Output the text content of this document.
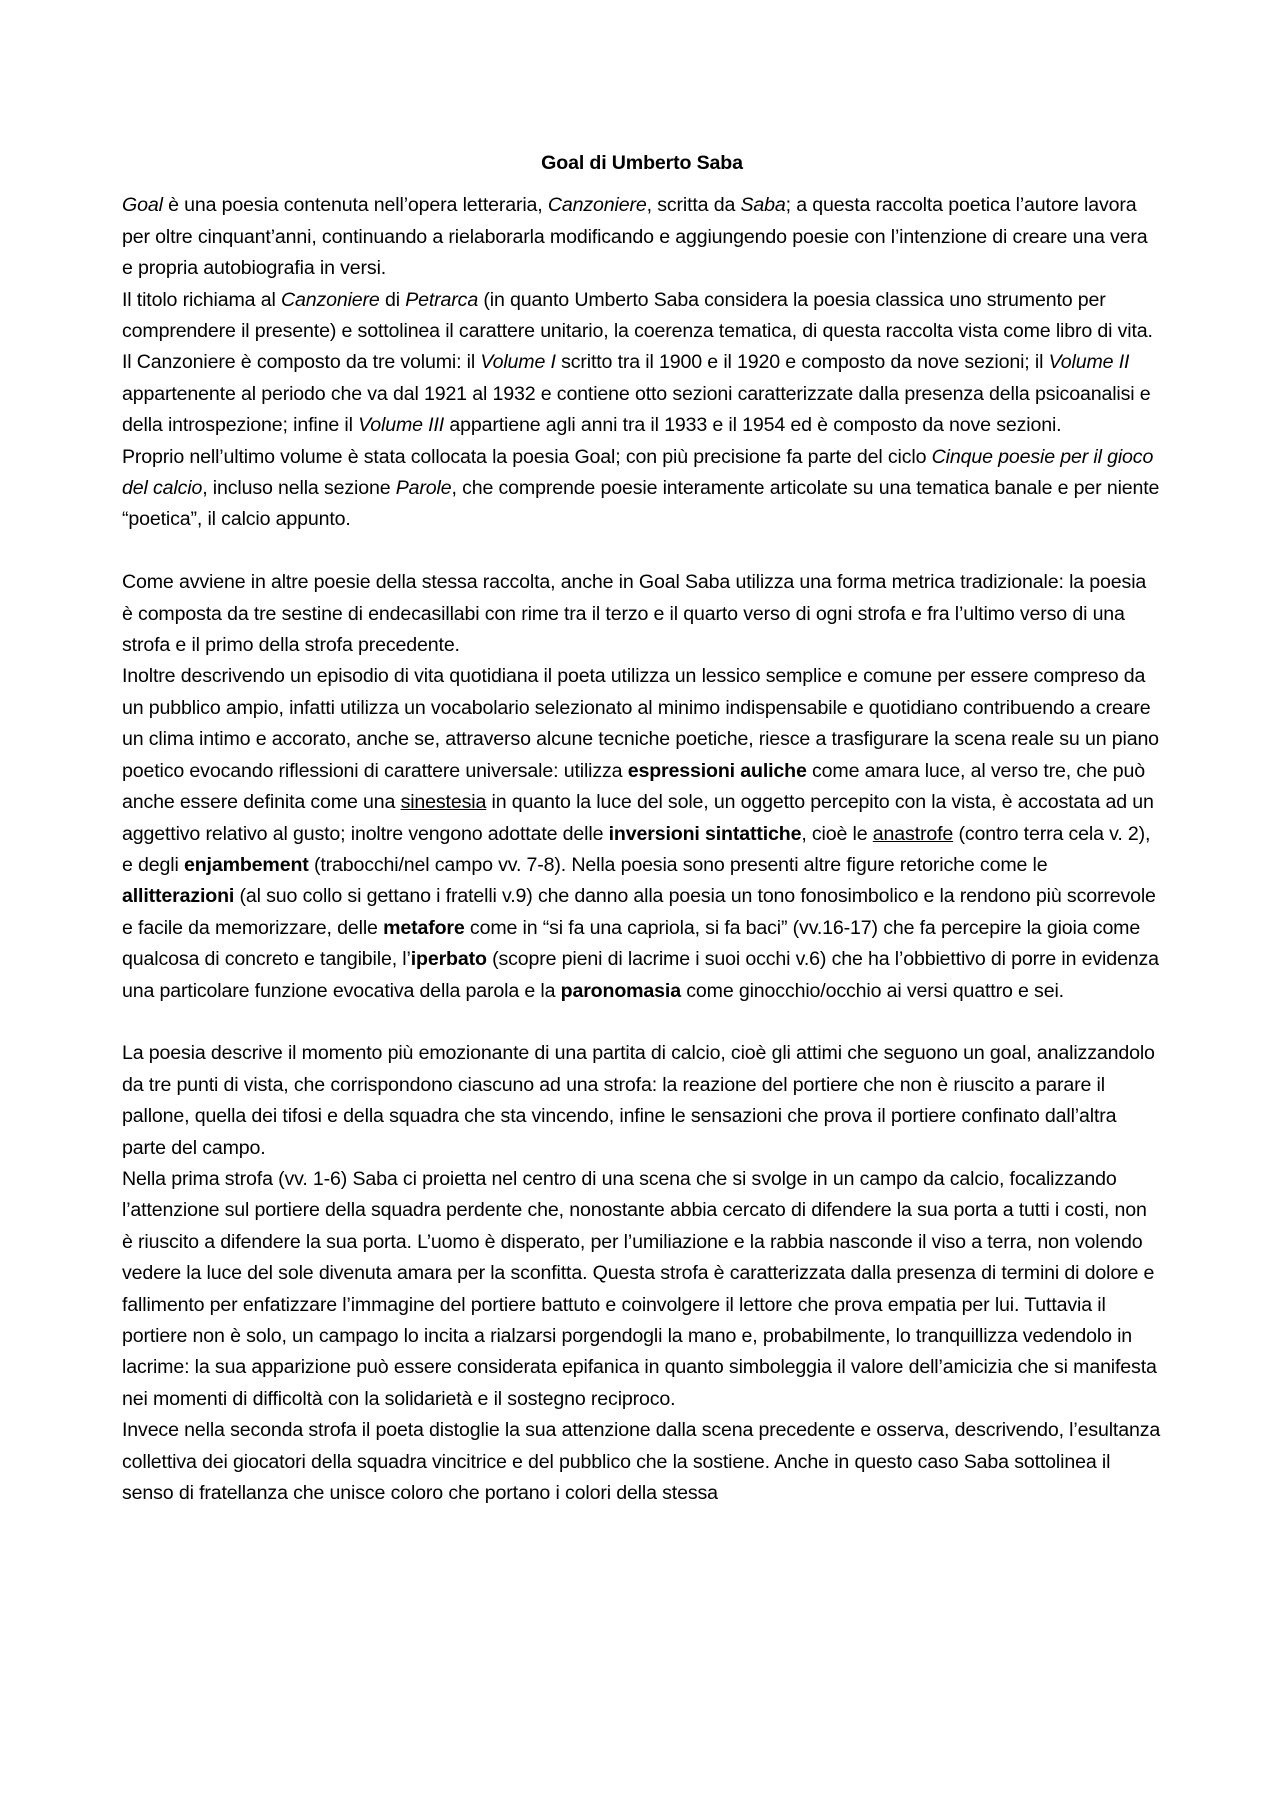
Goal di Umberto Saba

Goal è una poesia contenuta nell’opera letteraria, Canzoniere, scritta da Saba; a questa raccolta poetica l’autore lavora per oltre cinquant’anni, continuando a rielaborarla modificando e aggiungendo poesie con l’intenzione di creare una vera e propria autobiografia in versi.

Il titolo richiama al Canzoniere di Petrarca (in quanto Umberto Saba considera la poesia classica uno strumento per comprendere il presente) e sottolinea il carattere unitario, la coerenza tematica, di questa raccolta vista come libro di vita.

Il Canzoniere è composto da tre volumi: il Volume I scritto tra il 1900 e il 1920 e composto da nove sezioni; il Volume II appartenente al periodo che va dal 1921 al 1932 e contiene otto sezioni caratterizzate dalla presenza della psicoanalisi e della introspezione; infine il Volume III appartiene agli anni tra il 1933 e il 1954 ed è composto da nove sezioni.

Proprio nell’ultimo volume è stata collocata la poesia Goal; con più precisione fa parte del ciclo Cinque poesie per il gioco del calcio, incluso nella sezione Parole, che comprende poesie interamente articolate su una tematica banale e per niente “poetica”, il calcio appunto.

Come avviene in altre poesie della stessa raccolta, anche in Goal Saba utilizza una forma metrica tradizionale: la poesia è composta da tre sestine di endecasillabi con rime tra il terzo e il quarto verso di ogni strofa e fra l’ultimo verso di una strofa e il primo della strofa precedente.

Inoltre descrivendo un episodio di vita quotidiana il poeta utilizza un lessico semplice e comune per essere compreso da un pubblico ampio, infatti utilizza un vocabolario selezionato al minimo indispensabile e quotidiano contribuendo a creare un clima intimo e accorato, anche se, attraverso alcune tecniche poetiche, riesce a trasfigurare la scena reale su un piano poetico evocando riflessioni di carattere universale: utilizza espressioni auliche come amara luce, al verso tre, che può anche essere definita come una sinestesia in quanto la luce del sole, un oggetto percepito con la vista, è accostata ad un aggettivo relativo al gusto; inoltre vengono adottate delle inversioni sintattiche, cioè le anastrofe (contro terra cela v. 2), e degli enjambement (trabocchi/nel campo vv. 7-8). Nella poesia sono presenti altre figure retoriche come le allitterazioni (al suo collo si gettano i fratelli v.9) che danno alla poesia un tono fonosimbolico e la rendono più scorrevole e facile da memorizzare, delle metafore come in “si fa una capriola, si fa baci” (vv.16-17) che fa percepire la gioia come qualcosa di concreto e tangibile, l’iperbato (scopre pieni di lacrime i suoi occhi v.6) che ha l’obbiettivo di porre in evidenza una particolare funzione evocativa della parola e la paronomasia come ginocchio/occhio ai versi quattro e sei.

La poesia descrive il momento più emozionante di una partita di calcio, cioè gli attimi che seguono un goal, analizzandolo da tre punti di vista, che corrispondono ciascuno ad una strofa: la reazione del portiere che non è riuscito a parare il pallone, quella dei tifosi e della squadra che sta vincendo, infine le sensazioni che prova il portiere confinato dall’altra parte del campo.

Nella prima strofa (vv. 1-6) Saba ci proietta nel centro di una scena che si svolge in un campo da calcio, focalizzando l’attenzione sul portiere della squadra perdente che, nonostante abbia cercato di difendere la sua porta a tutti i costi, non è riuscito a difendere la sua porta. L’uomo è disperato, per l’umiliazione e la rabbia nasconde il viso a terra, non volendo vedere la luce del sole divenuta amara per la sconfitta. Questa strofa è caratterizzata dalla presenza di termini di dolore e fallimento per enfatizzare l’immagine del portiere battuto e coinvolgere il lettore che prova empatia per lui. Tuttavia il portiere non è solo, un campago lo incita a rialzarsi porgendogli la mano e, probabilmente, lo tranquillizza vedendolo in lacrime: la sua apparizione può essere considerata epifanica in quanto simboleggia il valore dell’amicizia che si manifesta nei momenti di difficoltà con la solidarietà e il sostegno reciproco.

Invece nella seconda strofa il poeta distoglie la sua attenzione dalla scena precedente e osserva, descrivendo, l’esultanza collettiva dei giocatori della squadra vincitrice e del pubblico che la sostiene. Anche in questo caso Saba sottolinea il senso di fratellanza che unisce coloro che portano i colori della stessa
